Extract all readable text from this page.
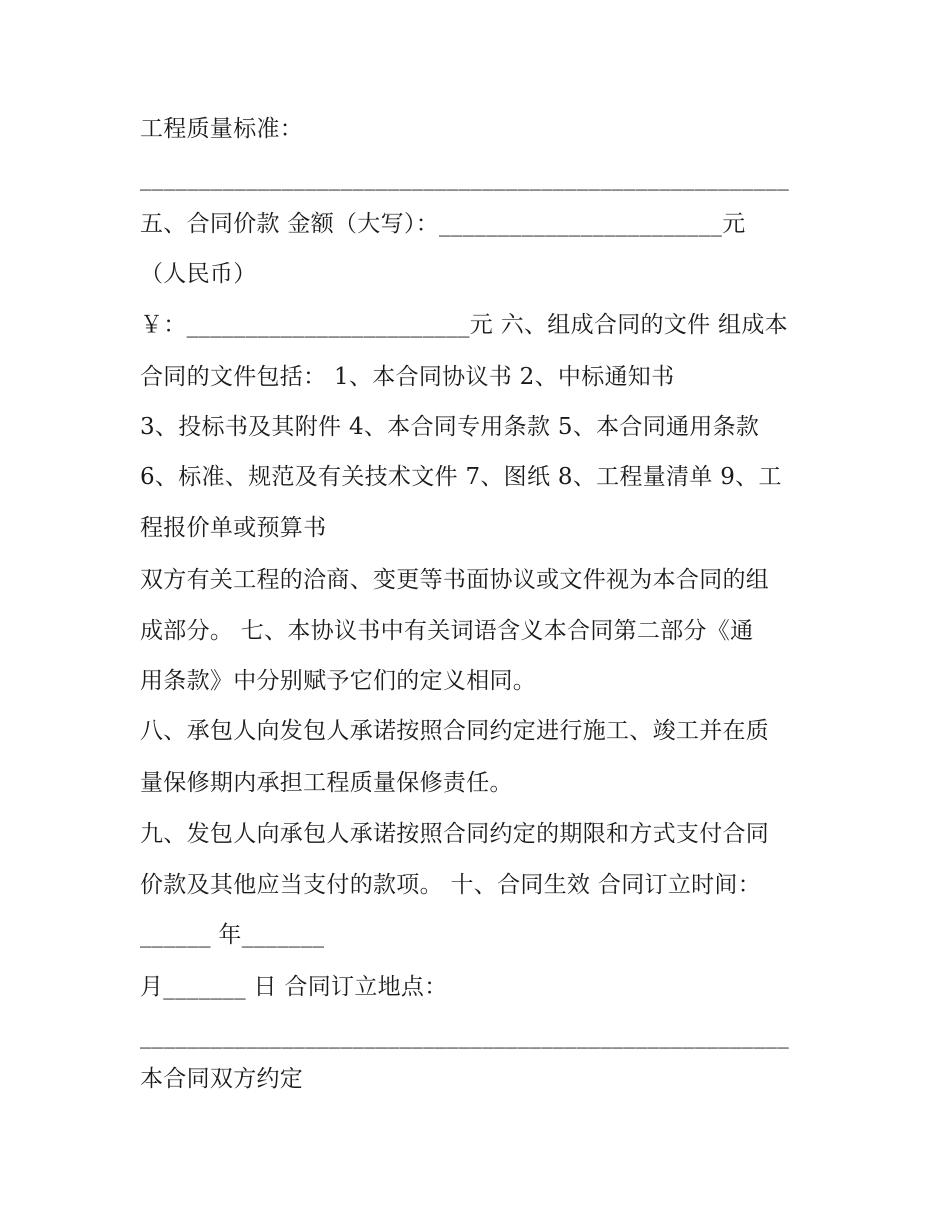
工程质量标准：
_______________________________________________________
五、合同价款 金额（大写）：________________________元
（人民币）
￥：________________________元 六、组成合同的文件 组成本
合同的文件包括： 1、本合同协议书 2、中标通知书
3、投标书及其附件 4、本合同专用条款 5、本合同通用条款
6、标准、规范及有关技术文件 7、图纸 8、工程量清单 9、工
程报价单或预算书
双方有关工程的洽商、变更等书面协议或文件视为本合同的组
成部分。 七、本协议书中有关词语含义本合同第二部分《通
用条款》中分别赋予它们的定义相同。
八、承包人向发包人承诺按照合同约定进行施工、竣工并在质
量保修期内承担工程质量保修责任。
九、发包人向承包人承诺按照合同约定的期限和方式支付合同
价款及其他应当支付的款项。 十、合同生效 合同订立时间：
______ 年_______
月_______ 日 合同订立地点：
_______________________________________________________
本合同双方约定
